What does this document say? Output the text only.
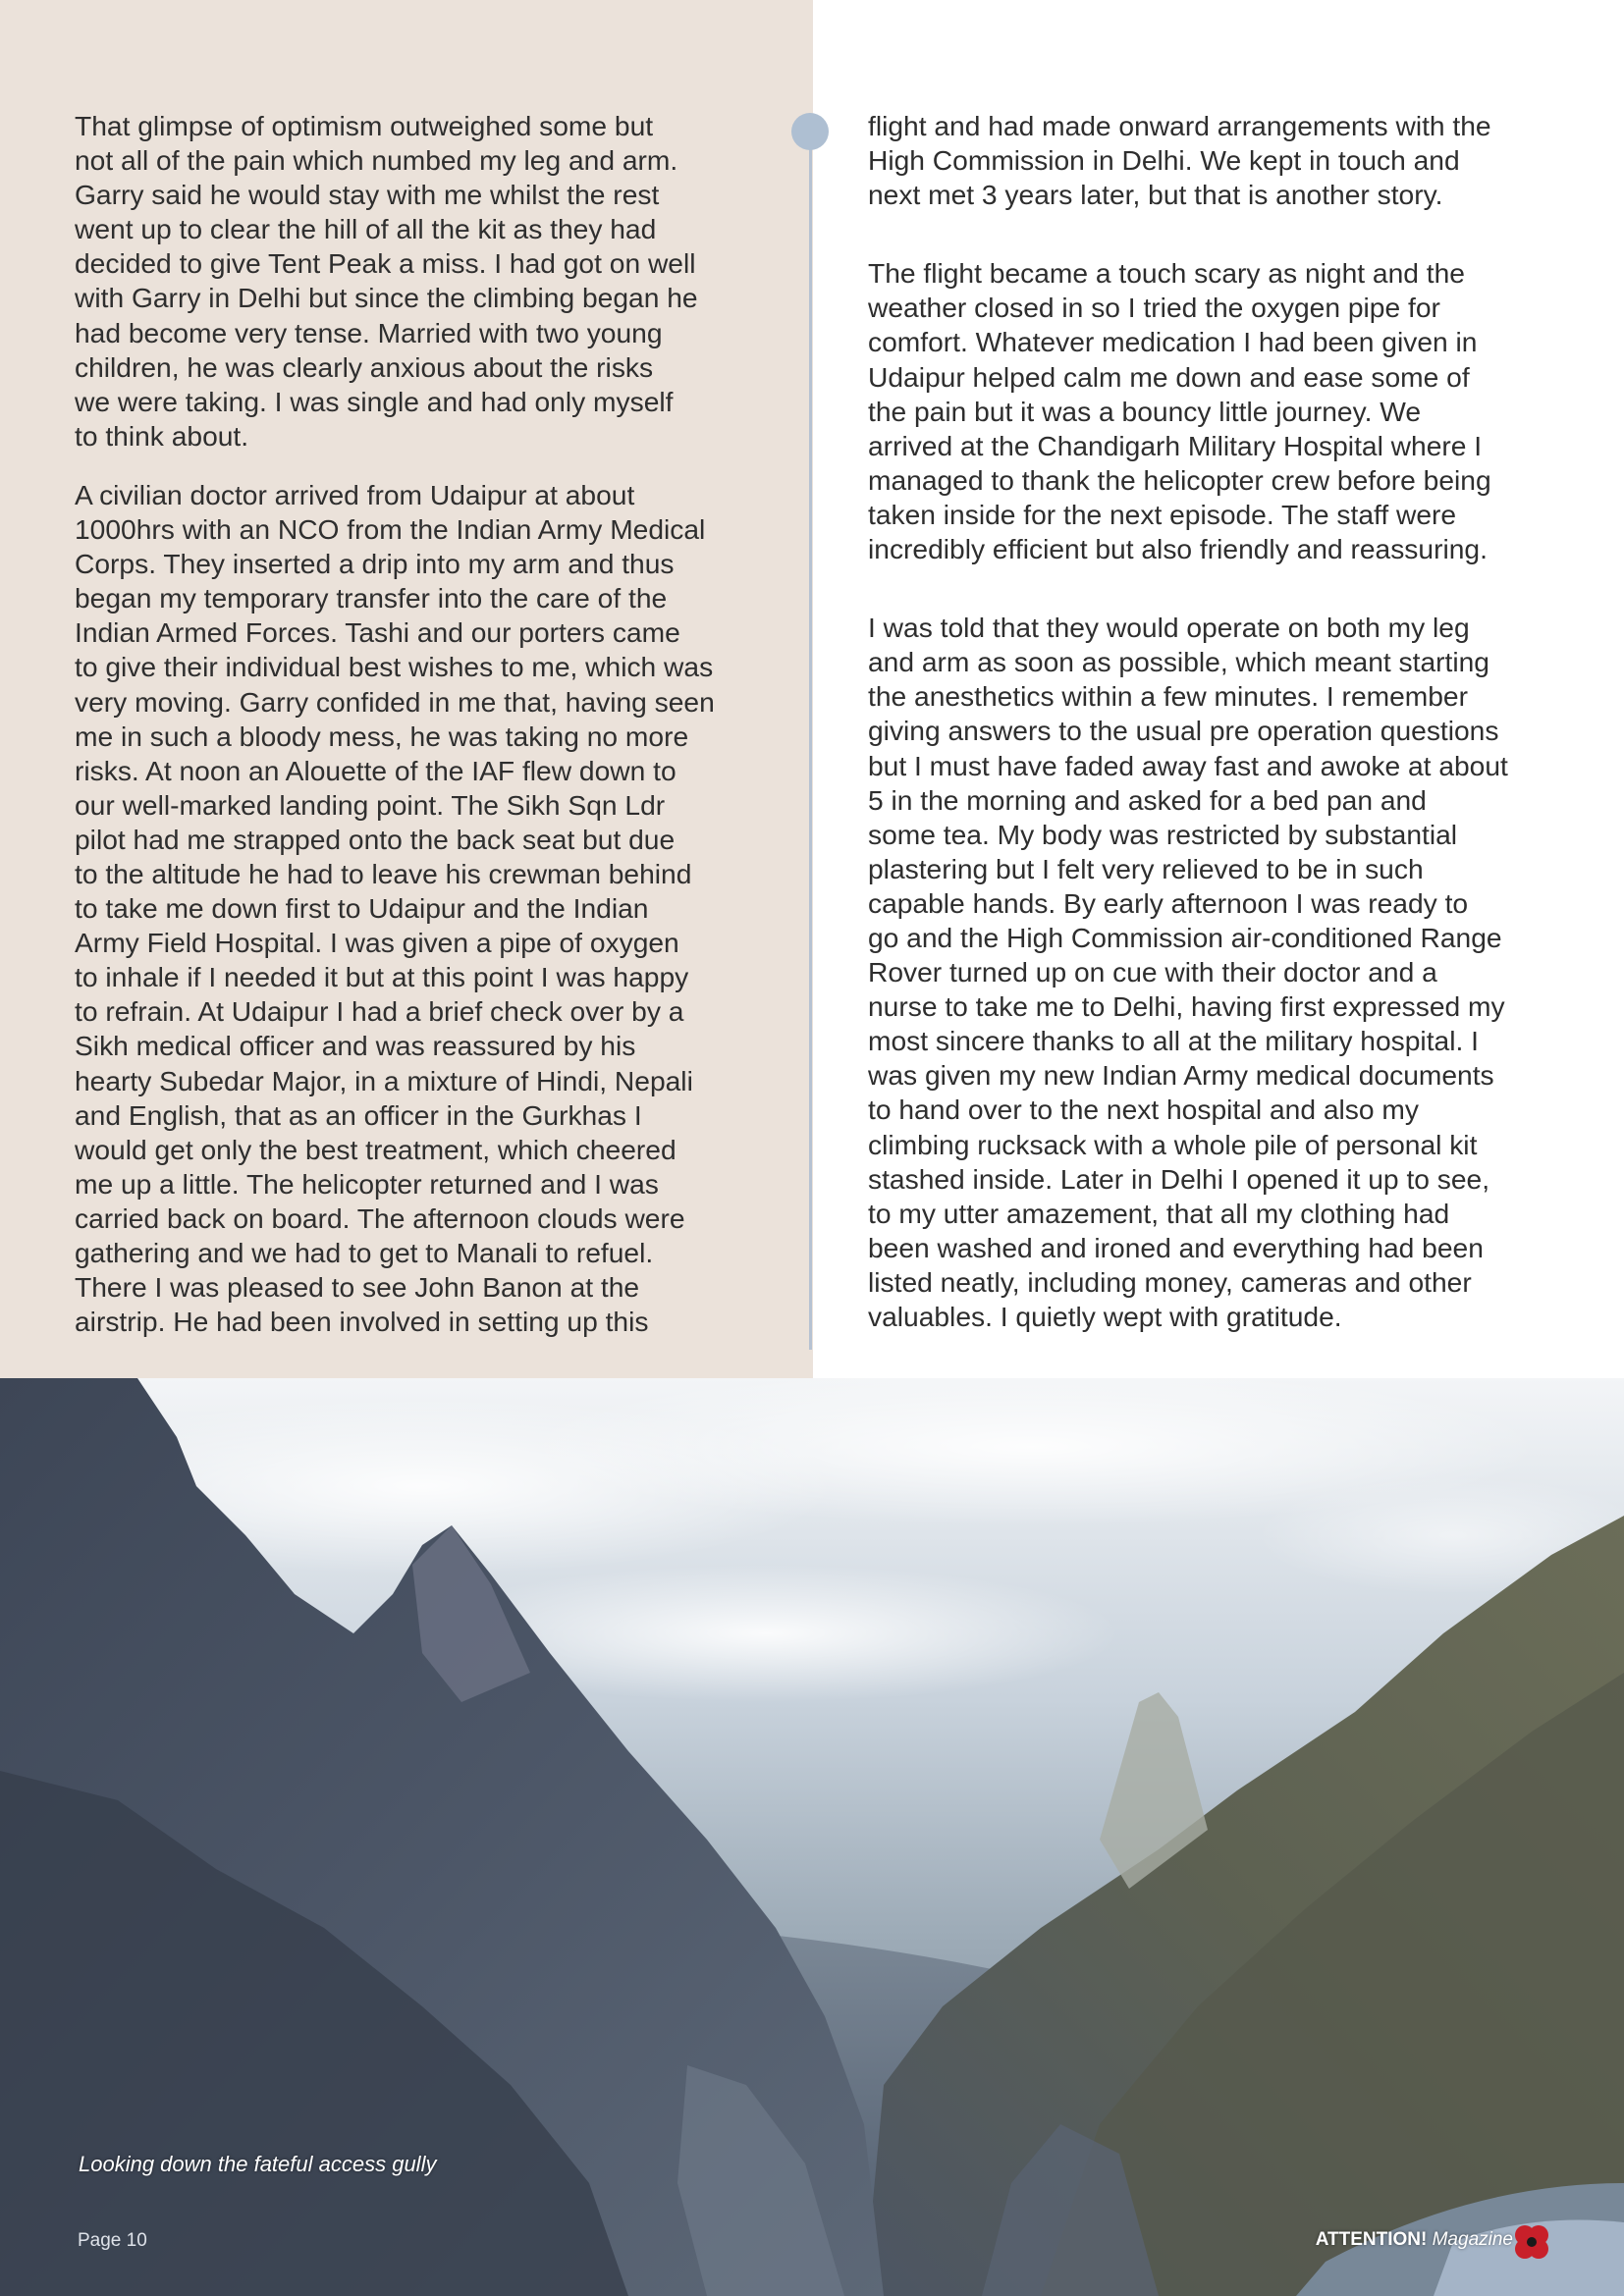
That glimpse of optimism outweighed some but
not all of the pain which numbed my leg and arm.
Garry said he would stay with me whilst the rest
went up to clear the hill of all the kit as they had
decided to give Tent Peak a miss. I had got on well
with Garry in Delhi but since the climbing began he
had become very tense. Married with two young
children, he was clearly anxious about the risks
we were taking. I was single and had only myself
to think about.

A civilian doctor arrived from Udaipur at about
1000hrs with an NCO from the Indian Army Medical
Corps. They inserted a drip into my arm and thus
began my temporary transfer into the care of the
Indian Armed Forces. Tashi and our porters came
to give their individual best wishes to me, which was
very moving. Garry confided in me that, having seen
me in such a bloody mess, he was taking no more
risks. At noon an Alouette of the IAF flew down to
our well-marked landing point. The Sikh Sqn Ldr
pilot had me strapped onto the back seat but due
to the altitude he had to leave his crewman behind
to take me down first to Udaipur and the Indian
Army Field Hospital. I was given a pipe of oxygen
to inhale if I needed it but at this point I was happy
to refrain. At Udaipur I had a brief check over by a
Sikh medical officer and was reassured by his
hearty Subedar Major, in a mixture of Hindi, Nepali
and English, that as an officer in the Gurkhas I
would get only the best treatment, which cheered
me up a little. The helicopter returned and I was
carried back on board. The afternoon clouds were
gathering and we had to get to Manali to refuel.
There I was pleased to see John Banon at the
airstrip. He had been involved in setting up this

flight and had made onward arrangements with the
High Commission in Delhi. We kept in touch and
next met 3 years later, but that is another story.

The flight became a touch scary as night and the
weather closed in so I tried the oxygen pipe for
comfort. Whatever medication I had been given in
Udaipur helped calm me down and ease some of
the pain but it was a bouncy little journey. We
arrived at the Chandigarh Military Hospital where I
managed to thank the helicopter crew before being
taken inside for the next episode. The staff were
incredibly efficient but also friendly and reassuring.

I was told that they would operate on both my leg
and arm as soon as possible, which meant starting
the anesthetics within a few minutes. I remember
giving answers to the usual pre operation questions
but I must have faded away fast and awoke at about
5 in the morning and asked for a bed pan and
some tea. My body was restricted by substantial
plastering but I felt very relieved to be in such
capable hands. By early afternoon I was ready to
go and the High Commission air-conditioned Range
Rover turned up on cue with their doctor and a
nurse to take me to Delhi, having first expressed my
most sincere thanks to all at the military hospital. I
was given my new Indian Army medical documents
to hand over to the next hospital and also my
climbing rucksack with a whole pile of personal kit
stashed inside. Later in Delhi I opened it up to see,
to my utter amazement, that all my clothing had
been washed and ironed and everything had been
listed neatly, including money, cameras and other
valuables. I quietly wept with gratitude.

Looking down the fateful access gully
Page 10	ATTENTION! Magazine
